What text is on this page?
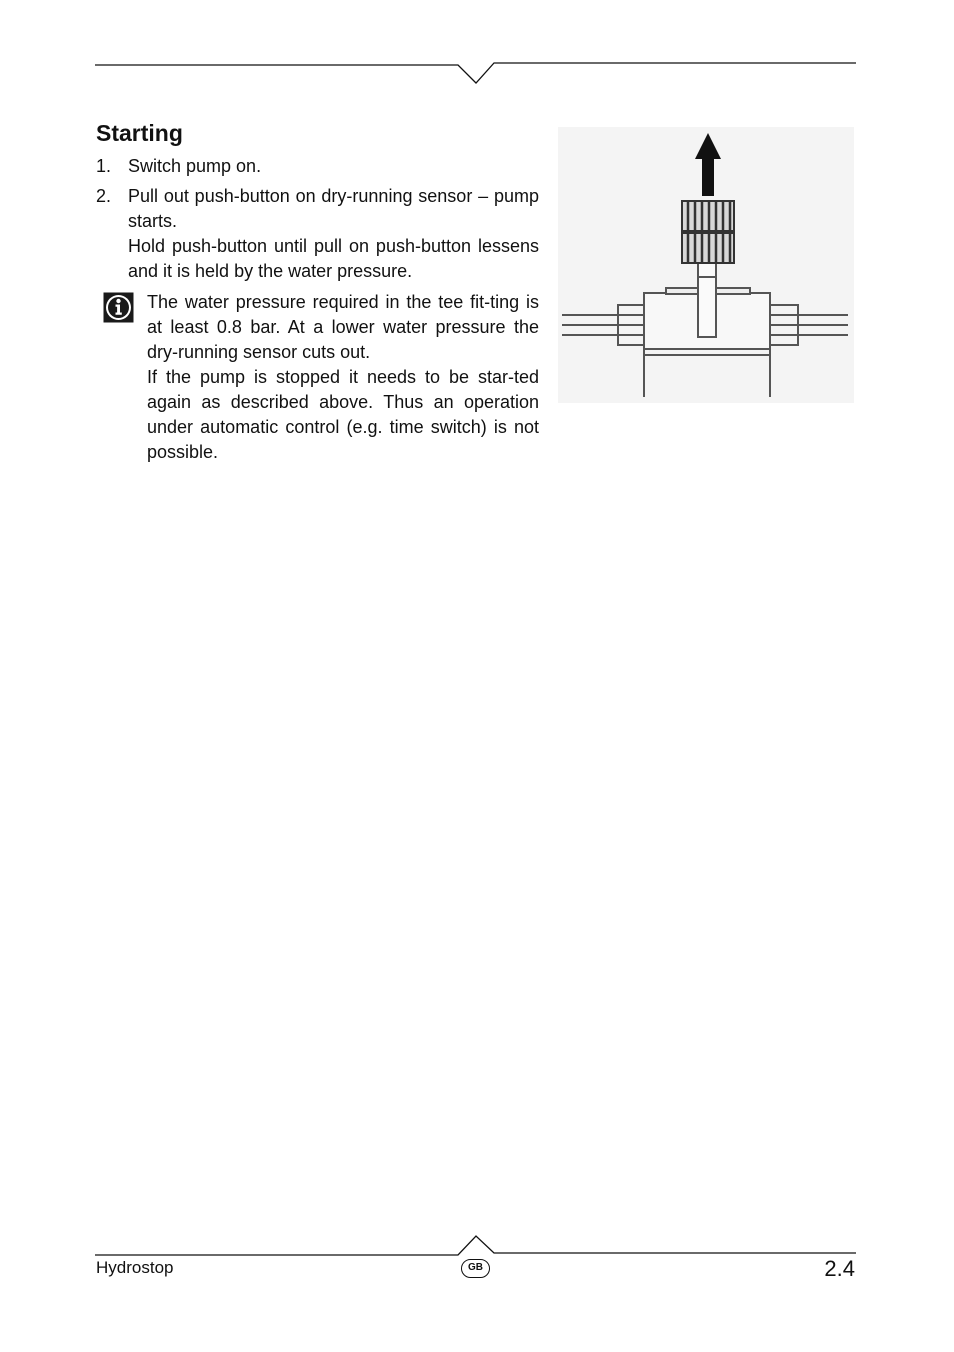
Starting
1. Switch pump on.

2. Pull out push-button on dry-running sensor – pump starts.

Hold push-button until pull on push-button lessens and it is held by the water pressure.

The water pressure required in the tee fit-ting is at least 0.8 bar. At a lower water pressure the dry-running sensor cuts out.

If the pump is stopped it needs to be star-ted again as described above. Thus an operation under automatic control (e.g. time switch) is not possible.

Hydrostop	GB	2.4
